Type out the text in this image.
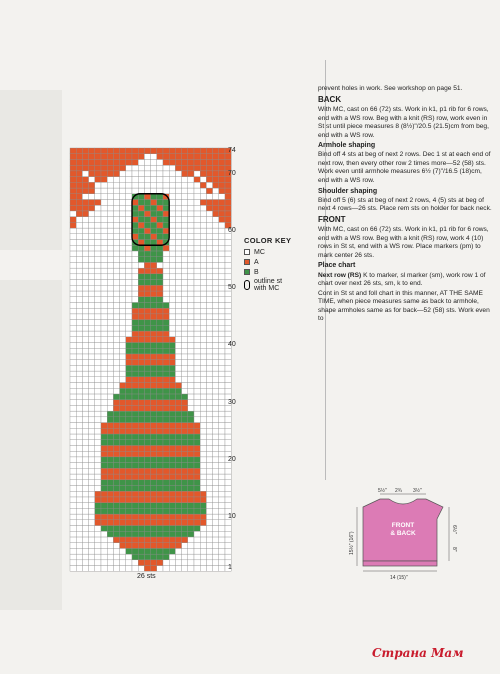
74
70
60
50
40
30
20
10
1
26 sts
COLOR KEY
MC
A
B
outline st
with MC

prevent holes in work. See workshop on page 51.

BACK

With MC, cast on 66 (72) sts. Work in k1, p1 rib for 6 rows, end with a WS row. Beg with a knit (RS) row, work even in St st until piece measures 8 (8½)"/20.5 (21.5)cm from beg, end with a WS row.

Armhole shaping

Bind off 4 sts at beg of next 2 rows. Dec 1 st at each end of next row, then every other row 2 times more—52 (58) sts. Work even until armhole measures 6½ (7)"/16.5 (18)cm, end with a WS row.

Shoulder shaping

Bind off 5 (6) sts at beg of next 2 rows, 4 (5) sts at beg of next 4 rows—26 sts. Place rem sts on holder for back neck.

FRONT

With MC, cast on 66 (72) sts. Work in k1, p1 rib for 6 rows, end with a WS row. Beg with a knit (RS) row, work 4 (10) rows in St st, end with a WS row. Place markers (pm) to mark center 26 sts.

Place chart

Next row (RS) K to marker, sl marker (sm), work row 1 of chart over next 26 sts, sm, k to end.

Cont in St st and foll chart in this manner, AT THE SAME TIME, when piece measures same as back to armhole, shape armholes same as for back—52 (58) sts. Work even to

FRONT
& BACK
5½" 2¾ 3½"
6½"
8"
15½" (16")
14 (15)"
Страна Мам
